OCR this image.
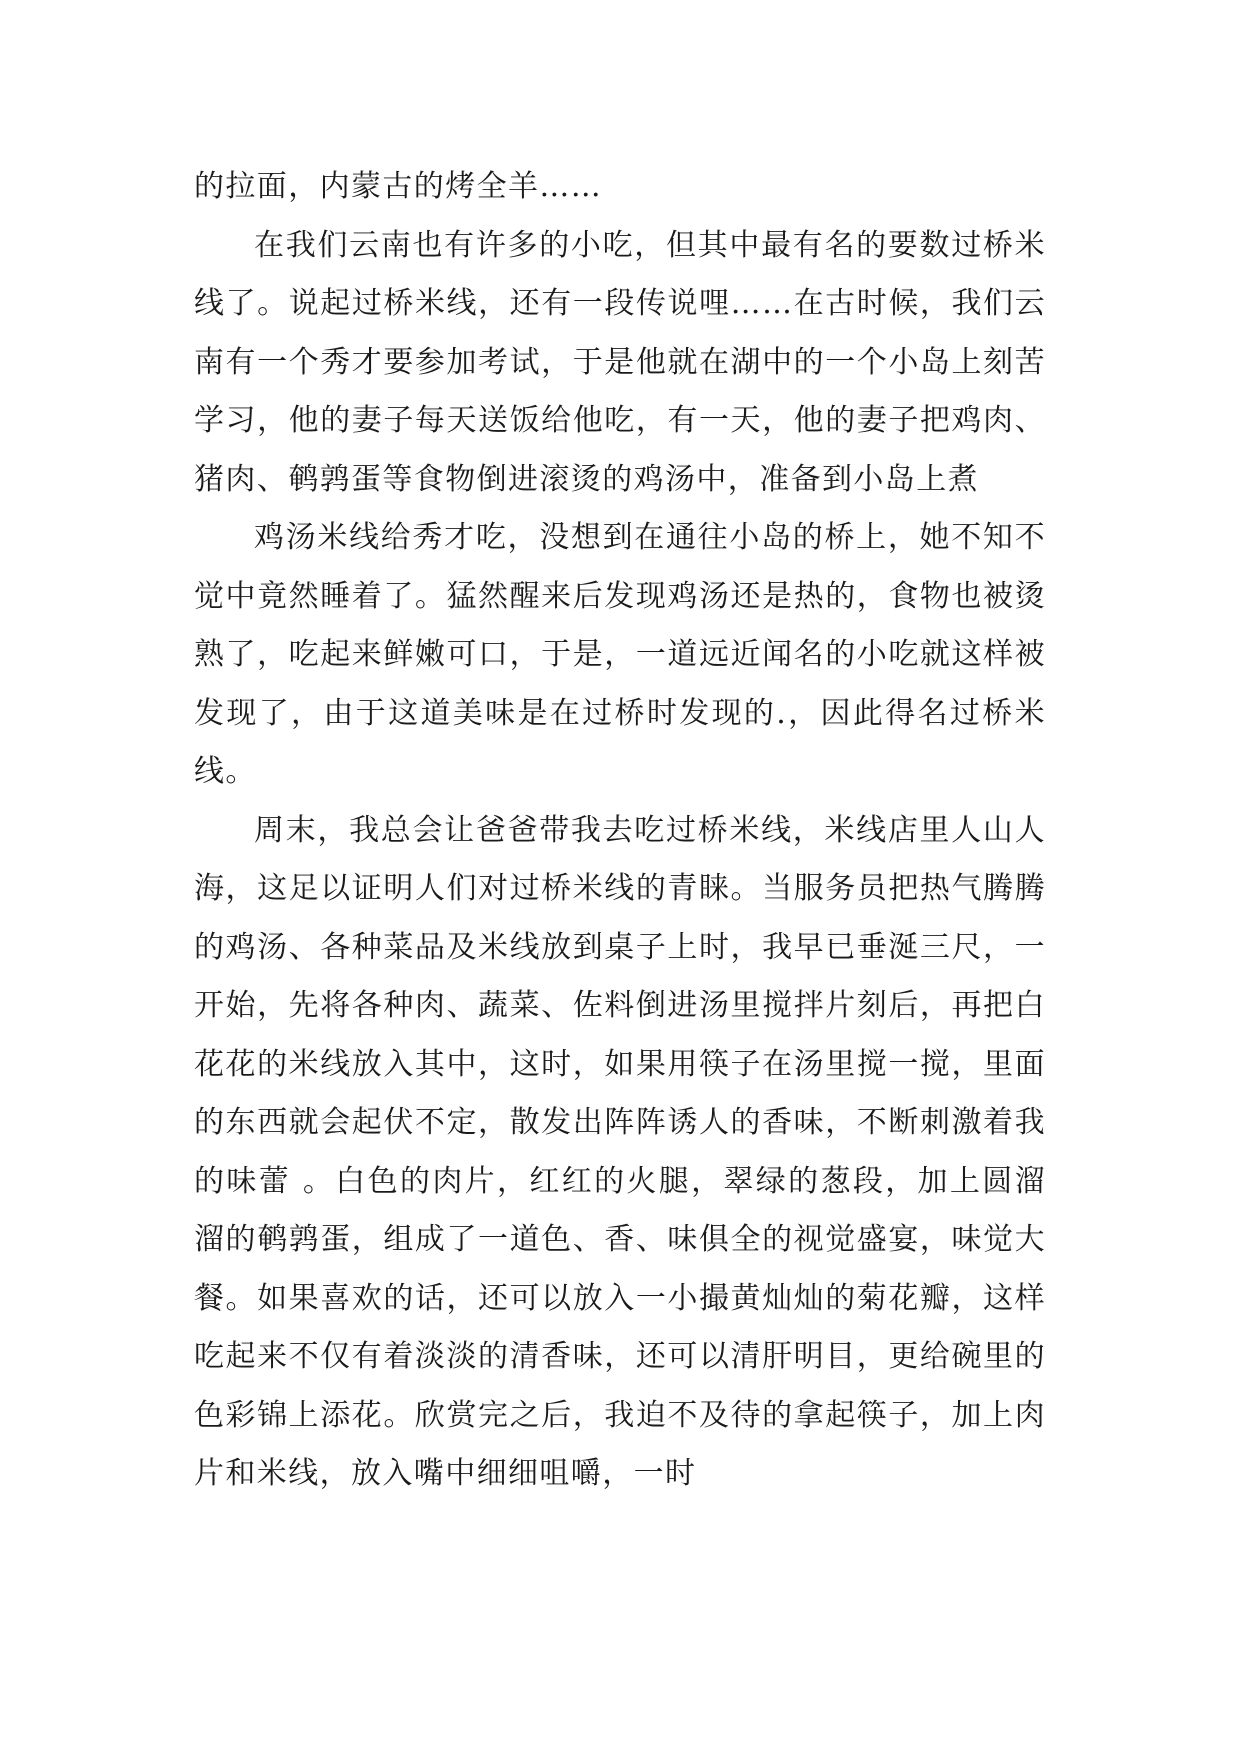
的拉面，内蒙古的烤全羊……

在我们云南也有许多的小吃，但其中最有名的要数过桥米线了。说起过桥米线，还有一段传说哩……在古时候，我们云南有一个秀才要参加考试，于是他就在湖中的一个小岛上刻苦学习，他的妻子每天送饭给他吃，有一天，他的妻子把鸡肉、猪肉、鹌鹑蛋等食物倒进滚烫的鸡汤中，准备到小岛上煮

鸡汤米线给秀才吃，没想到在通往小岛的桥上，她不知不觉中竟然睡着了。猛然醒来后发现鸡汤还是热的，食物也被烫熟了，吃起来鲜嫩可口，于是，一道远近闻名的小吃就这样被发现了，由于这道美味是在过桥时发现的.，因此得名过桥米线。

周末，我总会让爸爸带我去吃过桥米线，米线店里人山人海，这足以证明人们对过桥米线的青睐。当服务员把热气腾腾的鸡汤、各种菜品及米线放到桌子上时，我早已垂涎三尺，一开始，先将各种肉、蔬菜、佐料倒进汤里搅拌片刻后，再把白花花的米线放入其中，这时，如果用筷子在汤里搅一搅，里面的东西就会起伏不定，散发出阵阵诱人的香味，不断刺激着我的味蕾 。白色的肉片，红红的火腿，翠绿的葱段，加上圆溜溜的鹌鹑蛋，组成了一道色、香、味俱全的视觉盛宴，味觉大餐。如果喜欢的话，还可以放入一小撮黄灿灿的菊花瓣，这样吃起来不仅有着淡淡的清香味，还可以清肝明目，更给碗里的色彩锦上添花。欣赏完之后，我迫不及待的拿起筷子，加上肉片和米线，放入嘴中细细咀嚼，一时
